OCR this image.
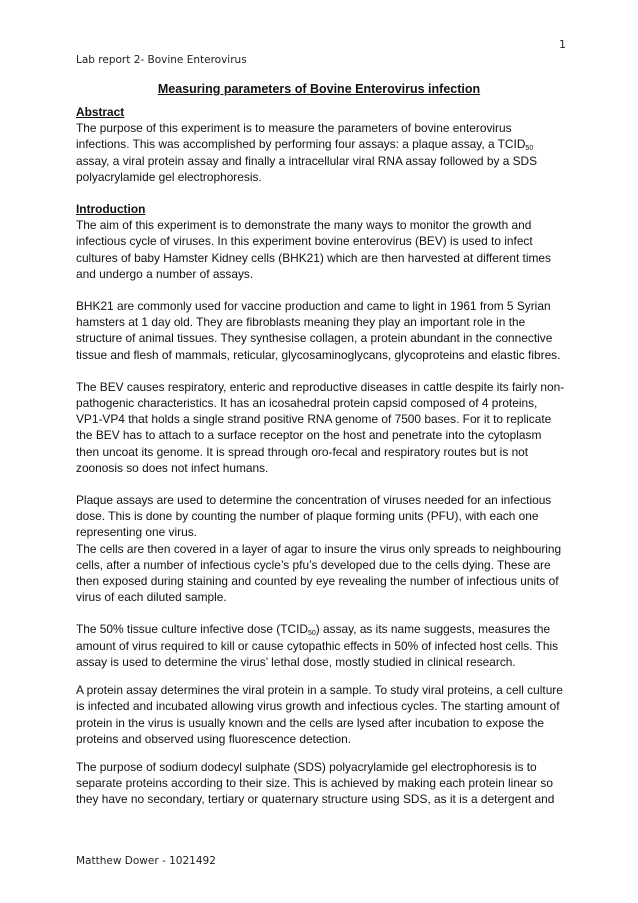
1
Lab report 2- Bovine Enterovirus
Measuring parameters of Bovine Enterovirus infection

Abstract
The purpose of this experiment is to measure the parameters of bovine enterovirus infections. This was accomplished by performing four assays: a plaque assay, a $TCID_{50}$ assay, a viral protein assay and finally a intracellular viral RNA assay followed by a SDS polyacrylamide gel electrophoresis.

Introduction
The aim of this experiment is to demonstrate the many ways to monitor the growth and infectious cycle of viruses. In this experiment bovine enterovirus (BEV) is used to infect cultures of baby Hamster Kidney cells (BHK21) which are then harvested at different times and undergo a number of assays.

BHK21 are commonly used for vaccine production and came to light in 1961 from 5 Syrian hamsters at 1 day old. They are fibroblasts meaning they play an important role in the structure of animal tissues. They synthesise collagen, a protein abundant in the connective tissue and flesh of mammals, reticular, glycosaminoglycans, glycoproteins and elastic fibres.

The BEV causes respiratory, enteric and reproductive diseases in cattle despite its fairly non-pathogenic characteristics. It has an icosahedral protein capsid composed of 4 proteins, VP1-VP4 that holds a single strand positive RNA genome of 7500 bases. For it to replicate the BEV has to attach to a surface receptor on the host and penetrate into the cytoplasm then uncoat its genome. It is spread through oro-fecal and respiratory routes but is not zoonosis so does not infect humans.

Plaque assays are used to determine the concentration of viruses needed for an infectious dose. This is done by counting the number of plaque forming units (PFU), with each one representing one virus.

The cells are then covered in a layer of agar to insure the virus only spreads to neighbouring cells, after a number of infectious cycle’s pfu’s developed due to the cells dying. These are then exposed during staining and counted by eye revealing the number of infectious units of virus of each diluted sample.

The 50% tissue culture infective dose $(TCID_{50})$ assay, as its name suggests, measures the amount of virus required to kill or cause cytopathic effects in 50% of infected host cells. This assay is used to determine the virus’ lethal dose, mostly studied in clinical research.

A protein assay determines the viral protein in a sample. To study viral proteins, a cell culture is infected and incubated allowing virus growth and infectious cycles. The starting amount of protein in the virus is usually known and the cells are lysed after incubation to expose the proteins and observed using fluorescence detection.

The purpose of sodium dodecyl sulphate (SDS) polyacrylamide gel electrophoresis is to separate proteins according to their size. This is achieved by making each protein linear so they have no secondary, tertiary or quaternary structure using SDS, as it is a detergent and

Matthew Dower - 1021492
